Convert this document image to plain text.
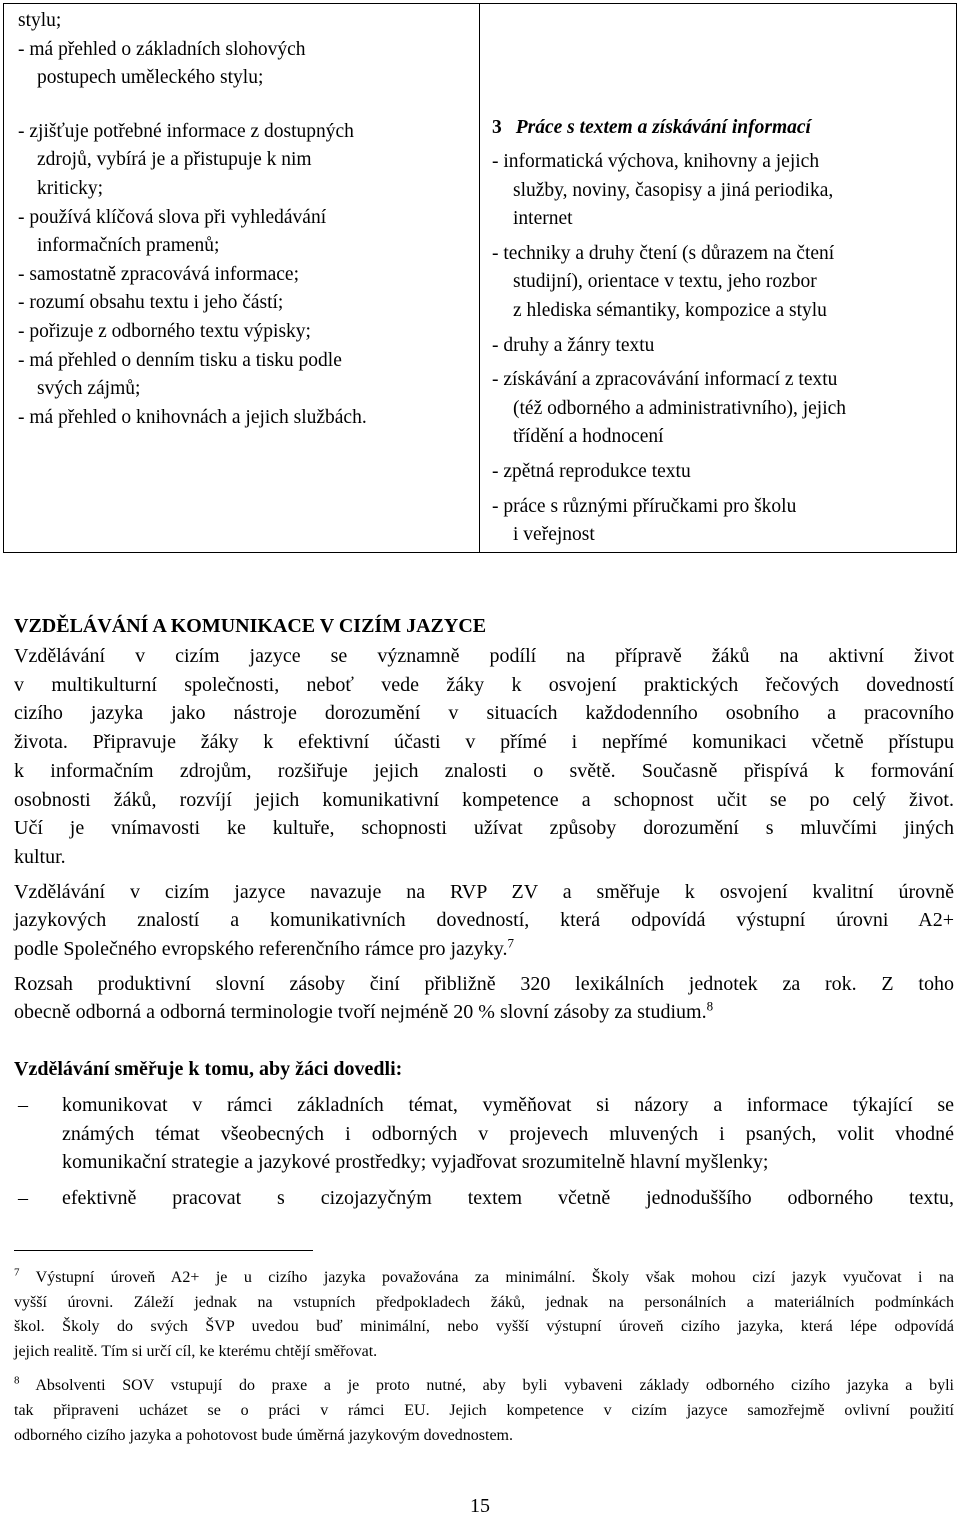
stylu;
- má přehled o základních slohových
postupech uměleckého stylu;
- zjišťuje potřebné informace z dostupných
zdrojů, vybírá je a přistupuje k nim
kriticky;
- používá klíčová slova při vyhledávání
informačních pramenů;
- samostatně zpracovává informace;
- rozumí obsahu textu i jeho částí;
- pořizuje z odborného textu výpisky;
- má přehled o denním tisku a tisku podle
svých zájmů;
- má přehled o knihovnách a jejich službách.
3 Práce s textem a získávání informací
- informatická výchova, knihovny a jejich
služby, noviny, časopisy a jiná periodika,
internet
- techniky a druhy čtení (s důrazem na čtení
studijní), orientace v textu, jeho rozbor
z hlediska sémantiky, kompozice a stylu
- druhy a žánry textu
- získávání a zpracovávání informací z textu
(též odborného a administrativního), jejich
třídění a hodnocení
- zpětná reprodukce textu
- práce s různými příručkami pro školu
i veřejnost
VZDĚLÁVÁNÍ A KOMUNIKACE V CIZÍM JAZYCE
Vzdělávání v cizím jazyce se významně podílí na přípravě žáků na aktivní život
v multikulturní společnosti, neboť vede žáky k osvojení praktických řečových dovedností
cizího jazyka jako nástroje dorozumění v situacích každodenního osobního a pracovního
života. Připravuje žáky k efektivní účasti v přímé i nepřímé komunikaci včetně přístupu
k informačním zdrojům, rozšiřuje jejich znalosti o světě. Současně přispívá k formování
osobnosti žáků, rozvíjí jejich komunikativní kompetence a schopnost učit se po celý život.
Učí je vnímavosti ke kultuře, schopnosti užívat způsoby dorozumění s mluvčími jiných
kultur.
Vzdělávání v cizím jazyce navazuje na RVP ZV a směřuje k osvojení kvalitní úrovně
jazykových znalostí a komunikativních dovedností, která odpovídá výstupní úrovni A2+
podle Společného evropského referenčního rámce pro jazyky.$^7$
Rozsah produktivní slovní zásoby činí přibližně 320 lexikálních jednotek za rok. Z toho
obecně odborná a odborná terminologie tvoří nejméně 20 % slovní zásoby za studium.$^8$
Vzdělávání směřuje k tomu, aby žáci dovedli:
–	komunikovat v rámci základních témat, vyměňovat si názory a informace týkající se
známých témat všeobecných i odborných v projevech mluvených i psaných, volit vhodné
komunikační strategie a jazykové prostředky; vyjadřovat srozumitelně hlavní myšlenky;
–	efektivně pracovat s cizojazyčným textem včetně jednoduššího odborného textu,
$^7$ Výstupní úroveň A2+ je u cizího jazyka považována za minimální. Školy však mohou cizí jazyk vyučovat i na
vyšší úrovni. Záleží jednak na vstupních předpokladech žáků, jednak na personálních a materiálních podmínkách
škol. Školy do svých ŠVP uvedou buď minimální, nebo vyšší výstupní úroveň cizího jazyka, která lépe odpovídá
jejich realitě. Tím si určí cíl, ke kterému chtějí směřovat.
$^8$ Absolventi SOV vstupují do praxe a je proto nutné, aby byli vybaveni základy odborného cizího jazyka a byli
tak připraveni ucházet se o práci v rámci EU. Jejich kompetence v cizím jazyce samozřejmě ovlivní použití
odborného cizího jazyka a pohotovost bude úměrná jazykovým dovednostem.
15
